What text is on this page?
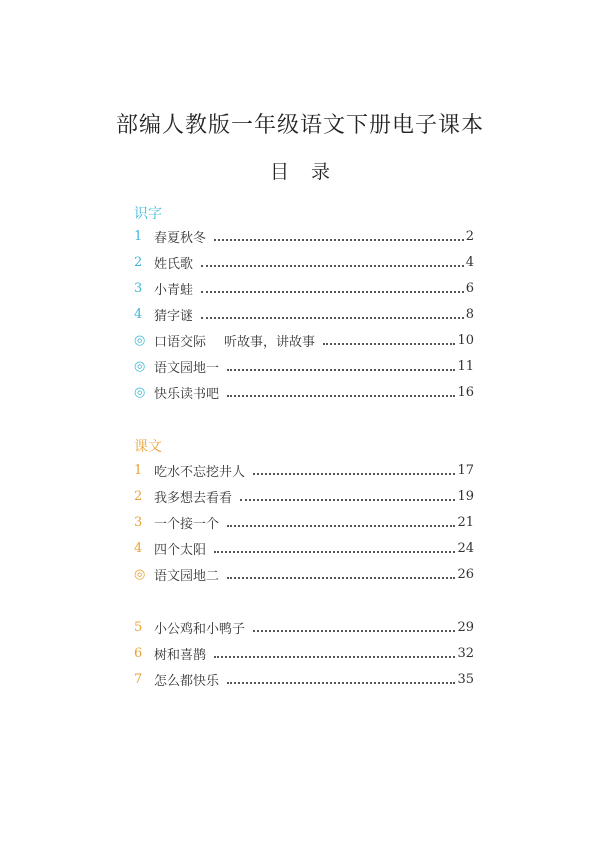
部编人教版一年级语文下册电子课本
目 录
识字
1 春夏秋冬	2
2 姓氏歌	4
3 小青蛙	6
4 猜字谜	8
◎ 口语交际 听故事，讲故事	10
◎ 语文园地一	11
◎ 快乐读书吧	16
课文
1 吃水不忘挖井人	17
2 我多想去看看	19
3 一个接一个	21
4 四个太阳	24
◎ 语文园地二	26
5 小公鸡和小鸭子	29
6 树和喜鹊	32
7 怎么都快乐	35
